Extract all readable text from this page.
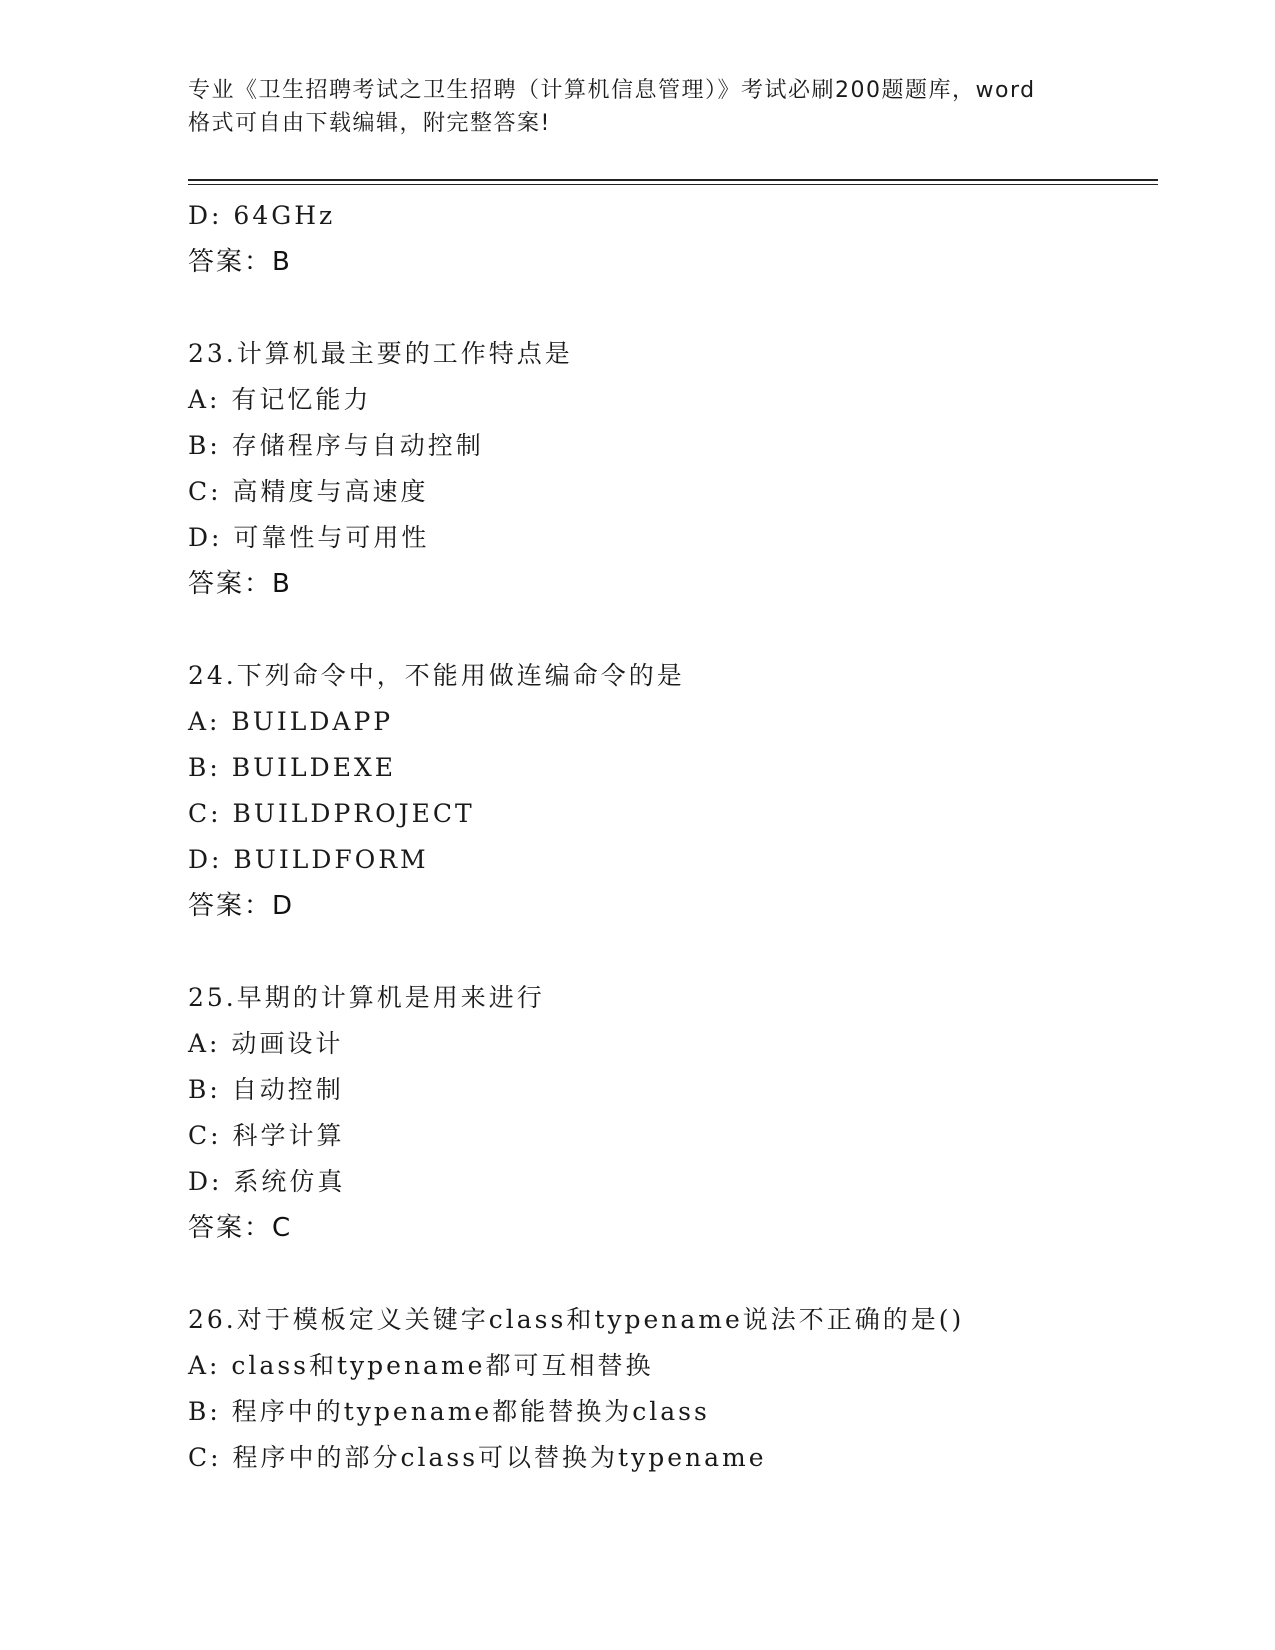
专业《卫生招聘考试之卫生招聘（计算机信息管理）》考试必刷200题题库，word
格式可自由下载编辑，附完整答案!
D: 64GHz
答案：B
23.计算机最主要的工作特点是
A: 有记忆能力
B: 存储程序与自动控制
C: 高精度与高速度
D: 可靠性与可用性
答案：B
24.下列命令中，不能用做连编命令的是
A: BUILDAPP
B: BUILDEXE
C: BUILDPROJECT
D: BUILDFORM
答案：D
25.早期的计算机是用来进行
A: 动画设计
B: 自动控制
C: 科学计算
D: 系统仿真
答案：C
26.对于模板定义关键字class和typename说法不正确的是()
A: class和typename都可互相替换
B: 程序中的typename都能替换为class
C: 程序中的部分class可以替换为typename
